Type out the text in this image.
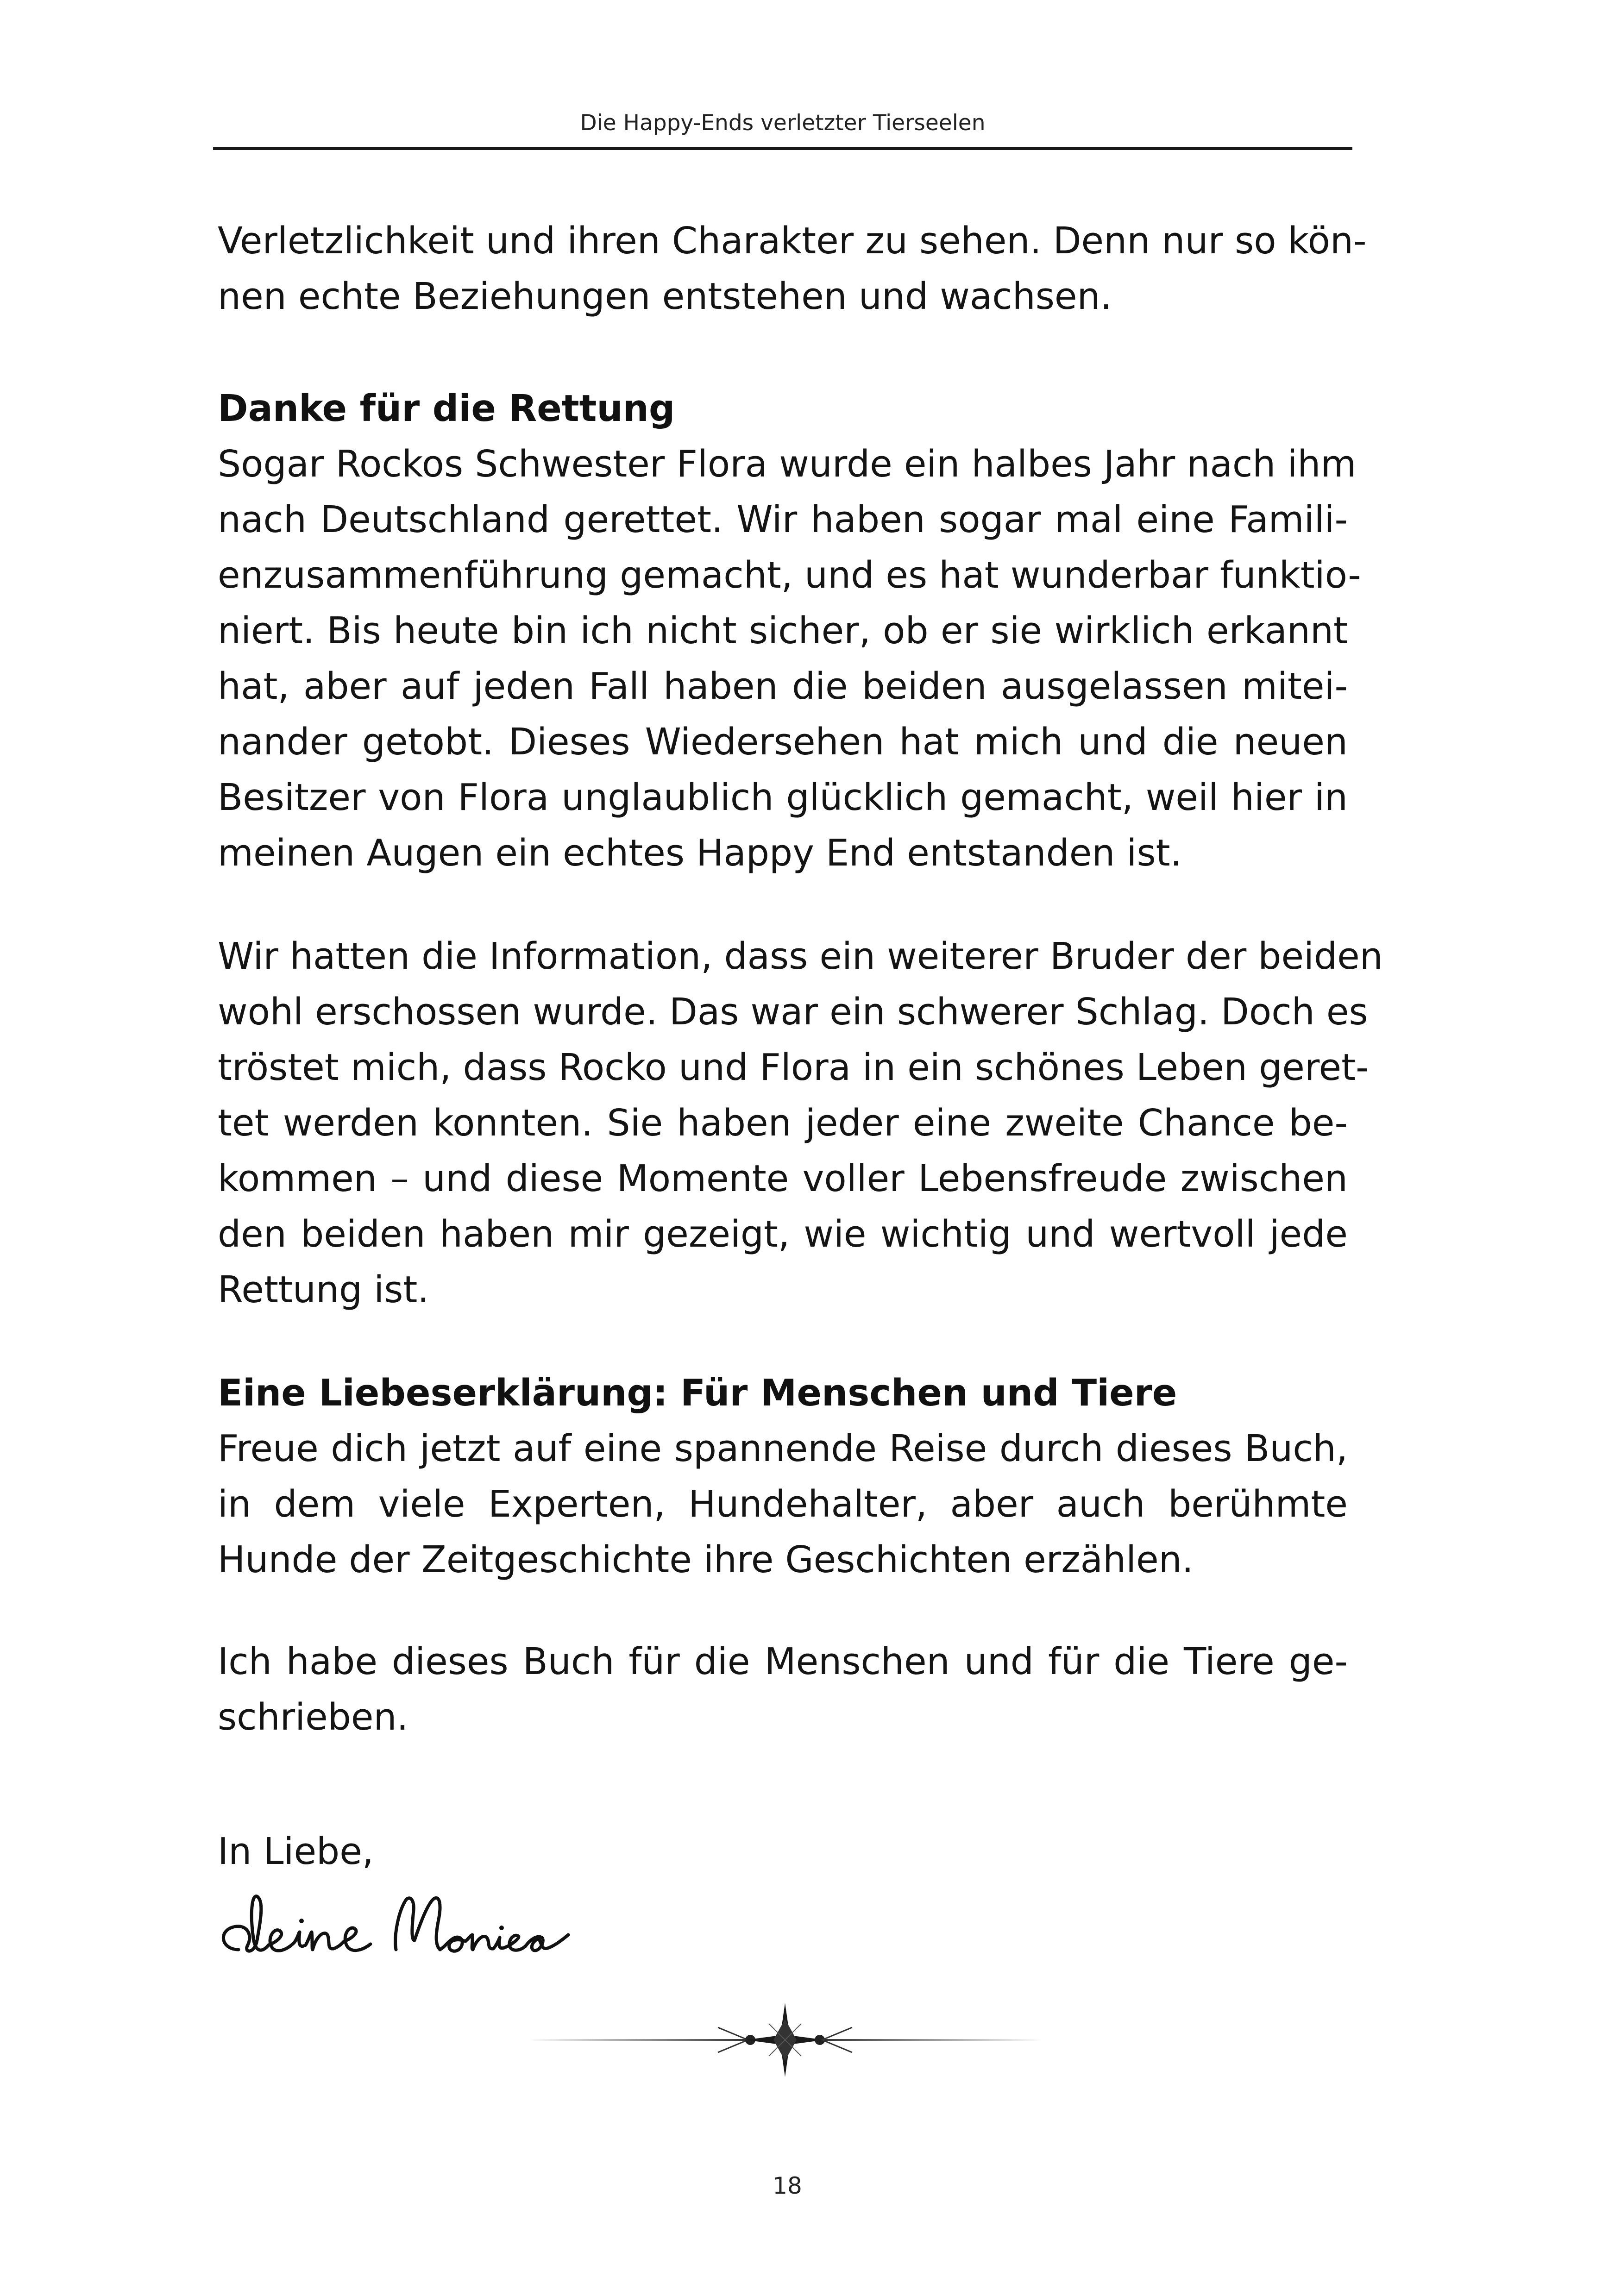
Die Happy-Ends verletzter Tierseelen
Verletzlichkeit und ihren Charakter zu sehen. Denn nur so kön-
nen echte Beziehungen entstehen und wachsen.
Danke für die Rettung
Sogar Rockos Schwester Flora wurde ein halbes Jahr nach ihm
nach Deutschland gerettet. Wir haben sogar mal eine Famili-
enzusammenführung gemacht, und es hat wunderbar funktio-
niert. Bis heute bin ich nicht sicher, ob er sie wirklich erkannt
hat, aber auf jeden Fall haben die beiden ausgelassen mitei-
nander getobt. Dieses Wiedersehen hat mich und die neuen
Besitzer von Flora unglaublich glücklich gemacht, weil hier in
meinen Augen ein echtes Happy End entstanden ist.
Wir hatten die Information, dass ein weiterer Bruder der beiden
wohl erschossen wurde. Das war ein schwerer Schlag. Doch es
tröstet mich, dass Rocko und Flora in ein schönes Leben geret-
tet werden konnten. Sie haben jeder eine zweite Chance be-
kommen – und diese Momente voller Lebensfreude zwischen
den beiden haben mir gezeigt, wie wichtig und wertvoll jede
Rettung ist.
Eine Liebeserklärung: Für Menschen und Tiere
Freue dich jetzt auf eine spannende Reise durch dieses Buch,
in dem viele Experten, Hundehalter, aber auch berühmte
Hunde der Zeitgeschichte ihre Geschichten erzählen.
Ich habe dieses Buch für die Menschen und für die Tiere ge-
schrieben.
In Liebe,
18
